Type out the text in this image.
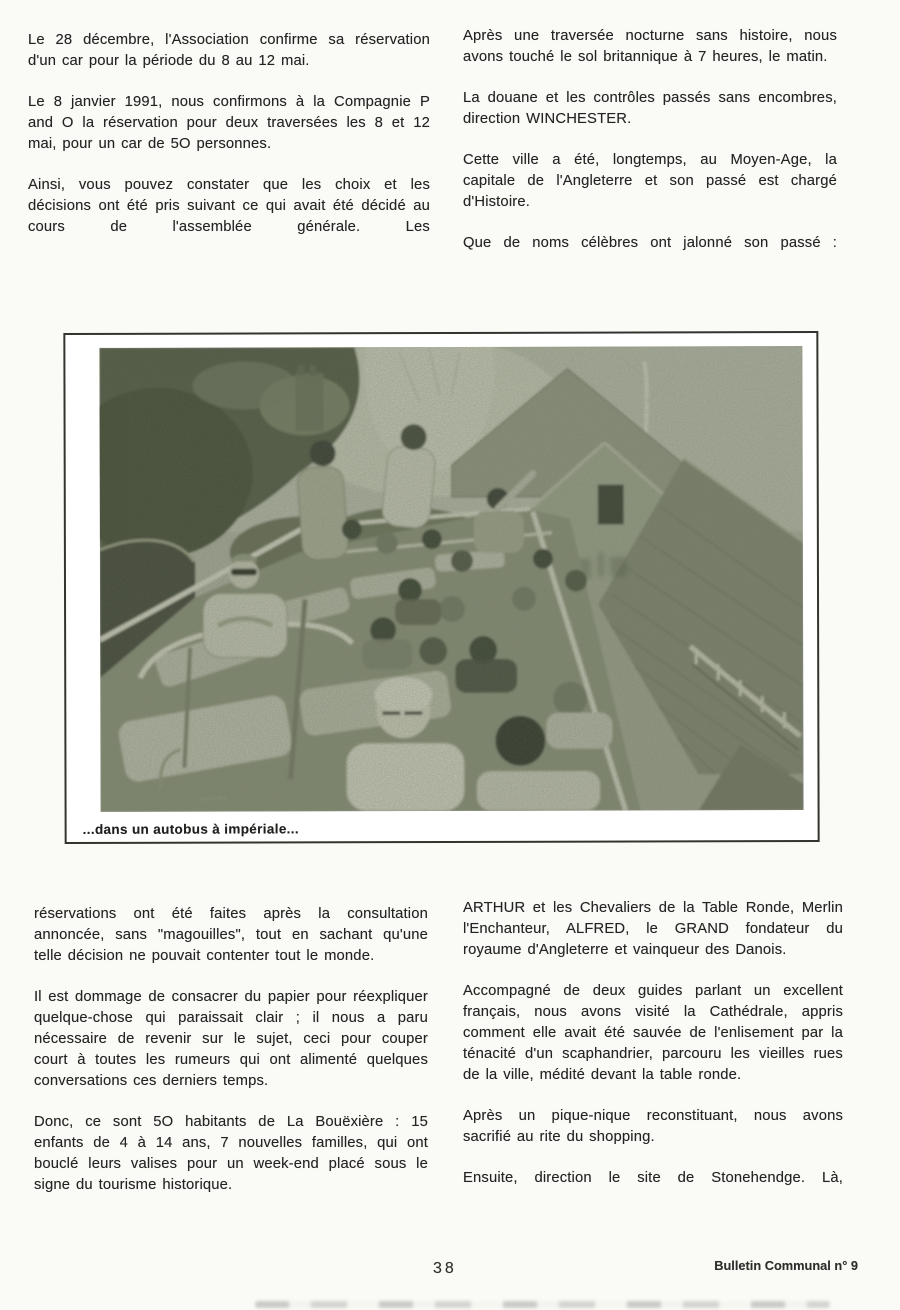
Le 28 décembre, l'Association confirme sa réservation d'un car pour la période du 8 au 12 mai.

Le 8 janvier 1991, nous confirmons à la Compagnie P and O la réservation pour deux traversées les 8 et 12 mai, pour un car de 5O personnes.

Ainsi, vous pouvez constater que les choix et les décisions ont été pris suivant ce qui avait été décidé au cours de l'assemblée générale. Les

Après une traversée nocturne sans histoire, nous avons touché le sol britannique à 7 heures, le matin.

La douane et les contrôles passés sans encombres, direction WINCHESTER.

Cette ville a été, longtemps, au Moyen-Age, la capitale de l'Angleterre et son passé est chargé d'Histoire.

Que de noms célèbres ont jalonné son passé :

...dans un autobus à impériale...

réservations ont été faites après la consultation annoncée, sans "magouilles", tout en sachant qu'une telle décision ne pouvait contenter tout le monde.

Il est dommage de consacrer du papier pour réexpliquer quelque-chose qui paraissait clair ; il nous a paru nécessaire de revenir sur le sujet, ceci pour couper court à toutes les rumeurs qui ont alimenté quelques conversations ces derniers temps.

Donc, ce sont 5O habitants de La Bouëxière : 15 enfants de 4 à 14 ans, 7 nouvelles familles, qui ont bouclé leurs valises pour un week-end placé sous le signe du tourisme historique.

ARTHUR et les Chevaliers de la Table Ronde, Merlin l'Enchanteur, ALFRED, le GRAND fondateur du royaume d'Angleterre et vainqueur des Danois.

Accompagné de deux guides parlant un excellent français, nous avons visité la Cathédrale, appris comment elle avait été sauvée de l'enlisement par la ténacité d'un scaphandrier, parcouru les vieilles rues de la ville, médité devant la table ronde.

Après un pique-nique reconstituant, nous avons sacrifié au rite du shopping.

Ensuite, direction le site de Stonehendge. Là,

38	Bulletin Communal n° 9
